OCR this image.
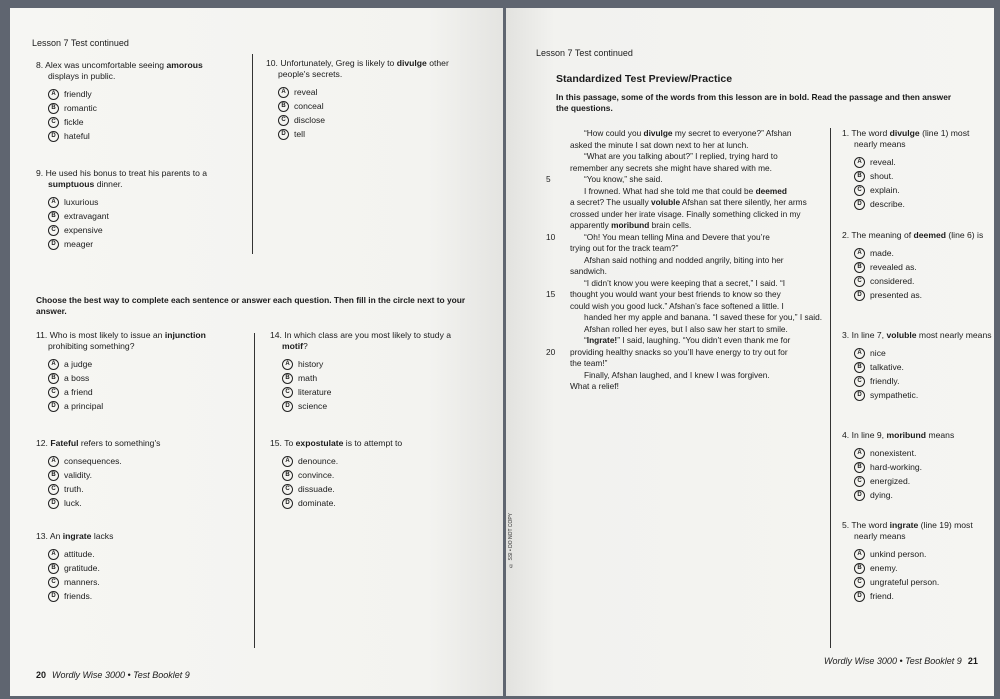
Lesson 7 Test continued
8. Alex was uncomfortable seeing amorous displays in public.
A friendly
B romantic
C fickle
D hateful
9. He used his bonus to treat his parents to a sumptuous dinner.
A luxurious
B extravagant
C expensive
D meager
10. Unfortunately, Greg is likely to divulge other people's secrets.
A reveal
B conceal
C disclose
D tell
Choose the best way to complete each sentence or answer each question. Then fill in the circle next to your answer.
11. Who is most likely to issue an injunction prohibiting something?
A a judge
B a boss
C a friend
D a principal
12. Fateful refers to something's
A consequences.
B validity.
C truth.
D luck.
13. An ingrate lacks
A attitude.
B gratitude.
C manners.
D friends.
14. In which class are you most likely to study a motif?
A history
B math
C literature
D science
15. To expostulate is to attempt to
A denounce.
B convince.
C dissuade.
D dominate.
20 Wordly Wise 3000 • Test Booklet 9
© SSI • DO NOT COPY
Lesson 7 Test continued
Standardized Test Preview/Practice
In this passage, some of the words from this lesson are in bold. Read the passage and then answer the questions.
“How could you divulge my secret to everyone?” Afshan
asked the minute I sat down next to her at lunch.
“What are you talking about?” I replied, trying hard to
remember any secrets she might have shared with me.
“You know,” she said.
I frowned. What had she told me that could be deemed
a secret? The usually voluble Afshan sat there silently, her arms
crossed under her irate visage. Finally something clicked in my
apparently moribund brain cells.
“Oh! You mean telling Mina and Devere that you’re
trying out for the track team?”
Afshan said nothing and nodded angrily, biting into her
sandwich.
“I didn’t know you were keeping that a secret,” I said. “I
thought you would want your best friends to know so they
could wish you good luck.” Afshan’s face softened a little. I
handed her my apple and banana. “I saved these for you,” I said.
Afshan rolled her eyes, but I also saw her start to smile.
“Ingrate!” I said, laughing. “You didn’t even thank me for
providing healthy snacks so you’ll have energy to try out for
the team!”
Finally, Afshan laughed, and I knew I was forgiven.
What a relief!
5
10
15
20
1. The word divulge (line 1) most nearly means
A reveal.
B shout.
C explain.
D describe.
2. The meaning of deemed (line 6) is
A made.
B revealed as.
C considered.
D presented as.
3. In line 7, voluble most nearly means
A nice
B talkative.
C friendly.
D sympathetic.
4. In line 9, moribund means
A nonexistent.
B hard-working.
C energized.
D dying.
5. The word ingrate (line 19) most nearly means
A unkind person.
B enemy.
C ungrateful person.
D friend.
Wordly Wise 3000 • Test Booklet 9 21
